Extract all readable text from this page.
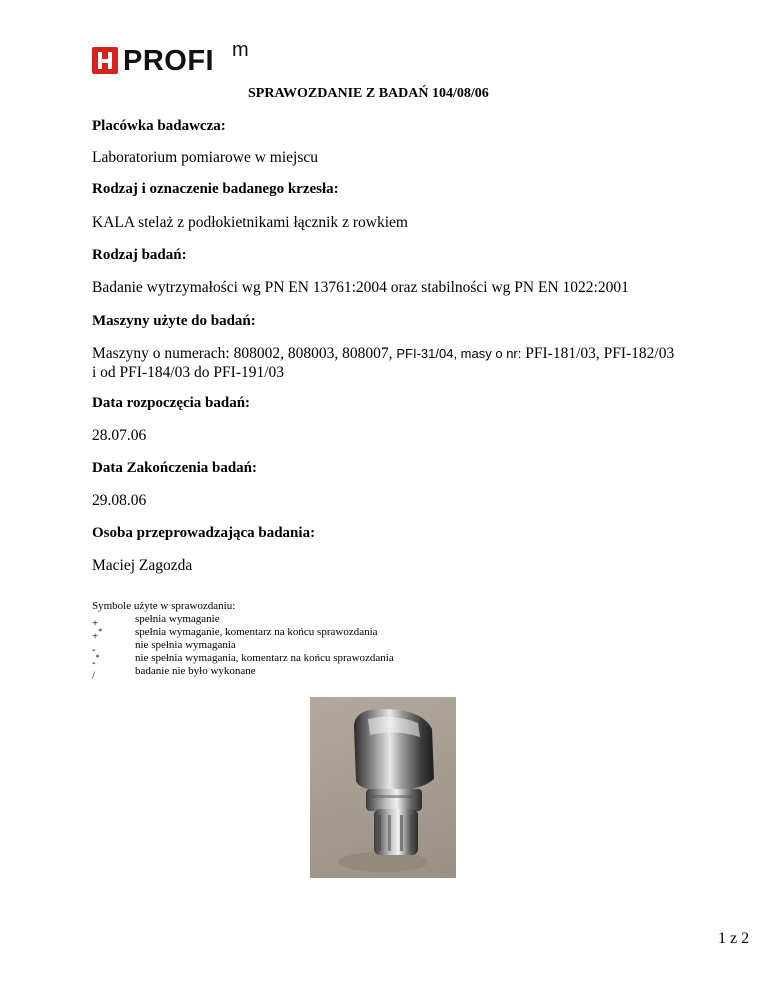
PROFI m
SPRAWOZDANIE Z BADAŃ 104/08/06
Placówka badawcza:
Laboratorium pomiarowe w miejscu
Rodzaj i oznaczenie badanego krzesła:
KALA stelaż z podłokietnikami łącznik z rowkiem
Rodzaj badań:
Badanie wytrzymałości wg PN EN 13761:2004 oraz stabilności wg PN EN 1022:2001
Maszyny użyte do badań:
Maszyny o numerach: 808002, 808003, 808007, PFI-31/04, masy o nr: PFI-181/03, PFI-182/03
i od PFI-184/03 do PFI-191/03
Data rozpoczęcia badań:
28.07.06
Data Zakończenia badań:
29.08.06
Osoba przeprowadzająca badania:
Maciej Zagozda
Symbole użyte w sprawozdaniu:
+	spełnia wymaganie
+*	spełnia wymaganie, komentarz na końcu sprawozdania
-	nie spełnia wymagania
-*	nie spełnia wymagania, komentarz na końcu sprawozdania
/	badanie nie było wykonane
1 z 2
